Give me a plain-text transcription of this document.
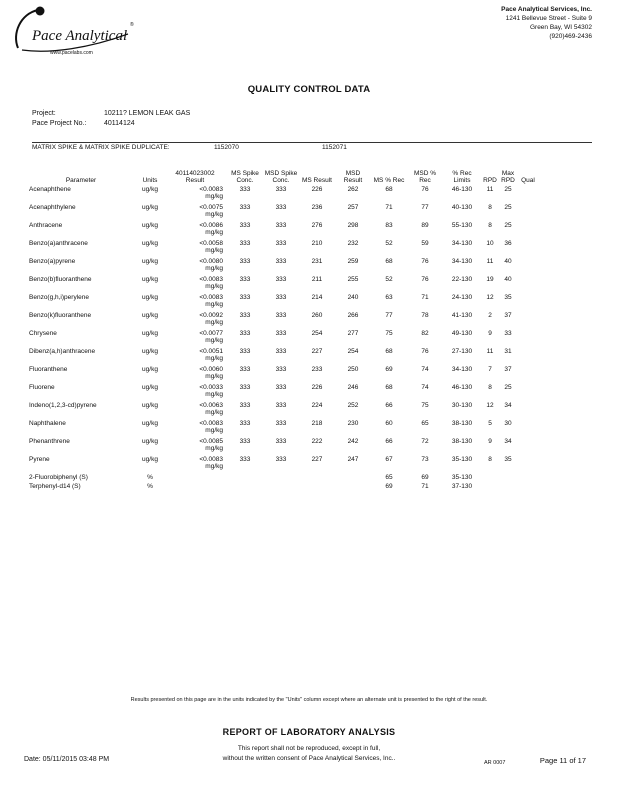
Pace Analytical
®
www.pacelabs.com
Pace Analytical Services, Inc.
1241 Bellevue Street - Suite 9
Green Bay, WI 54302
(920)469-2436
QUALITY CONTROL DATA
Project:	10211? LEMON LEAK GAS
Pace Project No.:	40114124
MATRIX SPIKE & MATRIX SPIKE DUPLICATE:	1152070	1152071
Parameter	Units	40114023002 Result	MS Spike Conc.	MSD Spike Conc.	MS Result	MSD Result	MS % Rec	MSD % Rec	% Rec Limits	RPD	Max RPD	Qual
Acenaphthene	ug/kg	<0.0083
mg/kg	333	333	226	262	68	76	46-130	11	25	
Acenaphthylene	ug/kg	<0.0075
mg/kg	333	333	236	257	71	77	40-130	8	25	
Anthracene	ug/kg	<0.0086
mg/kg	333	333	276	298	83	89	55-130	8	25	
Benzo(a)anthracene	ug/kg	<0.0058
mg/kg	333	333	210	232	52	59	34-130	10	36	
Benzo(a)pyrene	ug/kg	<0.0080
mg/kg	333	333	231	259	68	76	34-130	11	40	
Benzo(b)fluoranthene	ug/kg	<0.0083
mg/kg	333	333	211	255	52	76	22-130	19	40	
Benzo(g,h,i)perylene	ug/kg	<0.0083
mg/kg	333	333	214	240	63	71	24-130	12	35	
Benzo(k)fluoranthene	ug/kg	<0.0092
mg/kg	333	333	260	266	77	78	41-130	2	37	
Chrysene	ug/kg	<0.0077
mg/kg	333	333	254	277	75	82	49-130	9	33	
Dibenz(a,h)anthracene	ug/kg	<0.0051
mg/kg	333	333	227	254	68	76	27-130	11	31	
Fluoranthene	ug/kg	<0.0060
mg/kg	333	333	233	250	69	74	34-130	7	37	
Fluorene	ug/kg	<0.0033
mg/kg	333	333	226	246	68	74	46-130	8	25	
Indeno(1,2,3-cd)pyrene	ug/kg	<0.0063
mg/kg	333	333	224	252	66	75	30-130	12	34	
Naphthalene	ug/kg	<0.0083
mg/kg	333	333	218	230	60	65	38-130	5	30	
Phenanthrene	ug/kg	<0.0085
mg/kg	333	333	222	242	66	72	38-130	9	34	
Pyrene	ug/kg	<0.0083
mg/kg	333	333	227	247	67	73	35-130	8	35	
2-Fluorobiphenyl (S)	%						65	69	35-130			
Terphenyl-d14 (S)	%						69	71	37-130			
Results presented on this page are in the units indicated by the "Units" column except where an alternate unit is presented to the right of the result.
REPORT OF LABORATORY ANALYSIS
This report shall not be reproduced, except in full,
without the written consent of Pace Analytical Services, Inc..
Date: 05/11/2015 03:48 PM	AR 0007	Page 11 of 17
